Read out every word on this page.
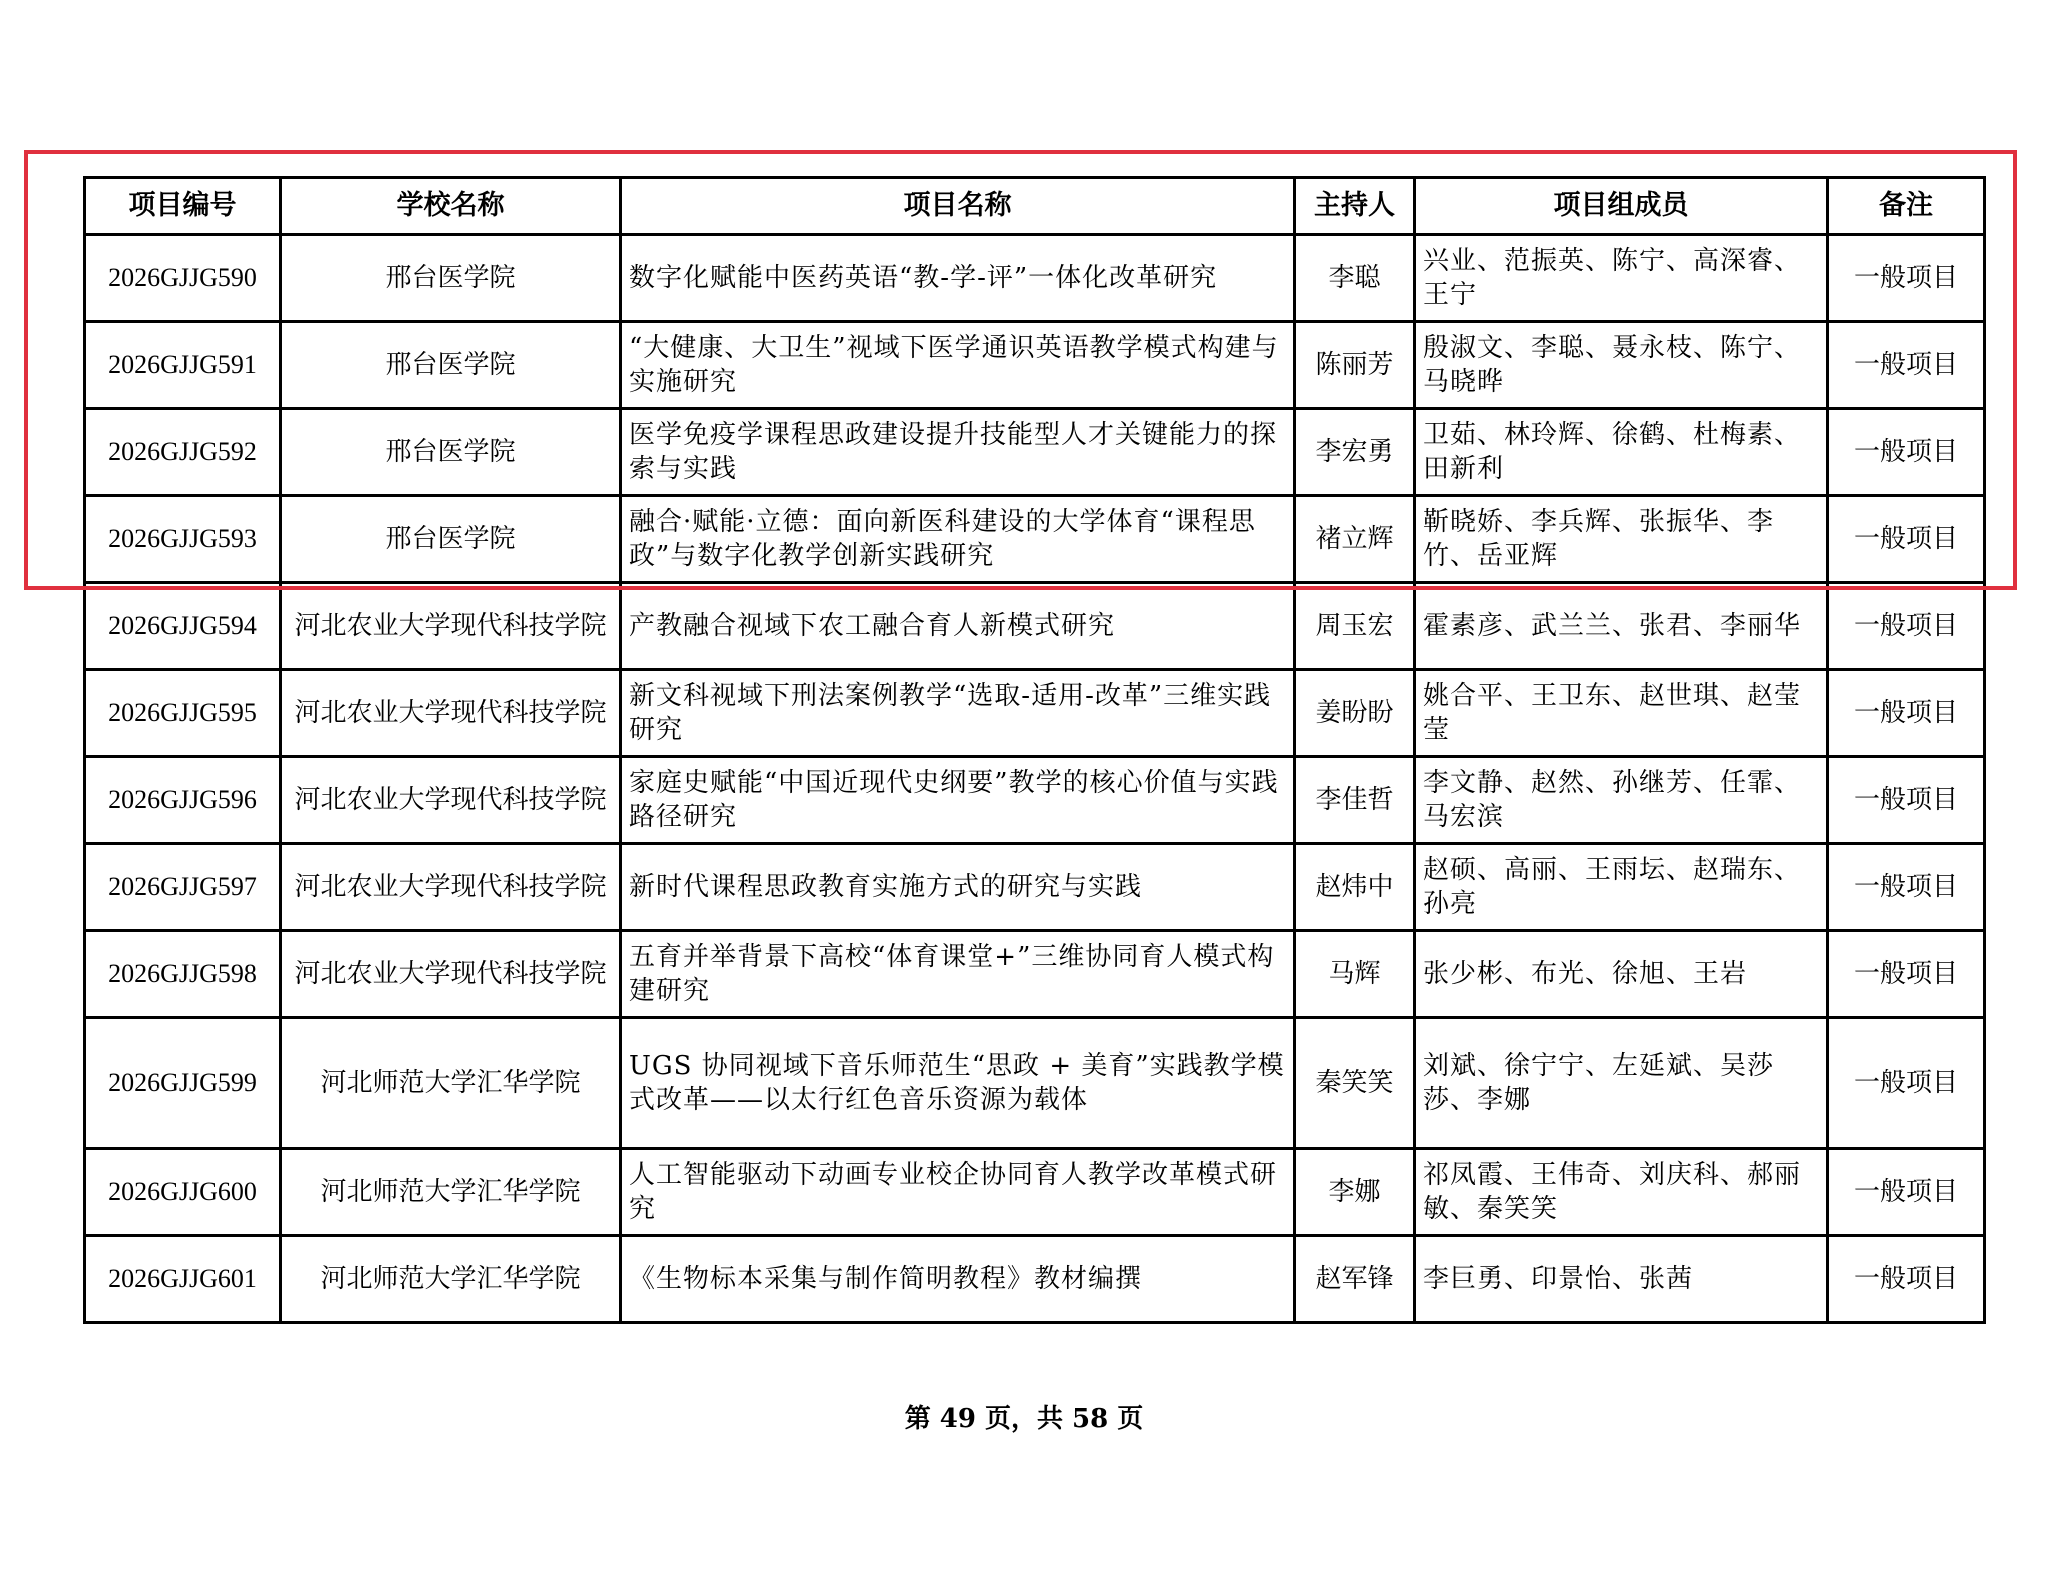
项目编号	学校名称	项目名称	主持人	项目组成员	备注
2026GJJG590	邢台医学院	数字化赋能中医药英语“教-学-评”一体化改革研究	李聪	兴业、范振英、陈宁、高深睿、王宁	一般项目
2026GJJG591	邢台医学院	“大健康、大卫生”视域下医学通识英语教学模式构建与实施研究	陈丽芳	殷淑文、李聪、聂永枝、陈宁、马晓晔	一般项目
2026GJJG592	邢台医学院	医学免疫学课程思政建设提升技能型人才关键能力的探索与实践	李宏勇	卫茹、林玲辉、徐鹤、杜梅素、田新利	一般项目
2026GJJG593	邢台医学院	融合·赋能·立德：面向新医科建设的大学体育“课程思政”与数字化教学创新实践研究	褚立辉	靳晓娇、李兵辉、张振华、李竹、岳亚辉	一般项目
2026GJJG594	河北农业大学现代科技学院	产教融合视域下农工融合育人新模式研究	周玉宏	霍素彦、武兰兰、张君、李丽华	一般项目
2026GJJG595	河北农业大学现代科技学院	新文科视域下刑法案例教学“选取-适用-改革”三维实践研究	姜盼盼	姚合平、王卫东、赵世琪、赵莹莹	一般项目
2026GJJG596	河北农业大学现代科技学院	家庭史赋能“中国近现代史纲要”教学的核心价值与实践路径研究	李佳哲	李文静、赵然、孙继芳、任霏、马宏滨	一般项目
2026GJJG597	河北农业大学现代科技学院	新时代课程思政教育实施方式的研究与实践	赵炜中	赵硕、高丽、王雨坛、赵瑞东、孙亮	一般项目
2026GJJG598	河北农业大学现代科技学院	五育并举背景下高校“体育课堂+”三维协同育人模式构建研究	马辉	张少彬、布光、徐旭、王岩	一般项目
2026GJJG599	河北师范大学汇华学院	UGS 协同视域下音乐师范生“思政 + 美育”实践教学模式改革——以太行红色音乐资源为载体	秦笑笑	刘斌、徐宁宁、左延斌、吴莎莎、李娜	一般项目
2026GJJG600	河北师范大学汇华学院	人工智能驱动下动画专业校企协同育人教学改革模式研究	李娜	祁凤霞、王伟奇、刘庆科、郝丽敏、秦笑笑	一般项目
2026GJJG601	河北师范大学汇华学院	《生物标本采集与制作简明教程》教材编撰	赵军锋	李巨勇、印景怡、张茜	一般项目
第 49 页，共 58 页
